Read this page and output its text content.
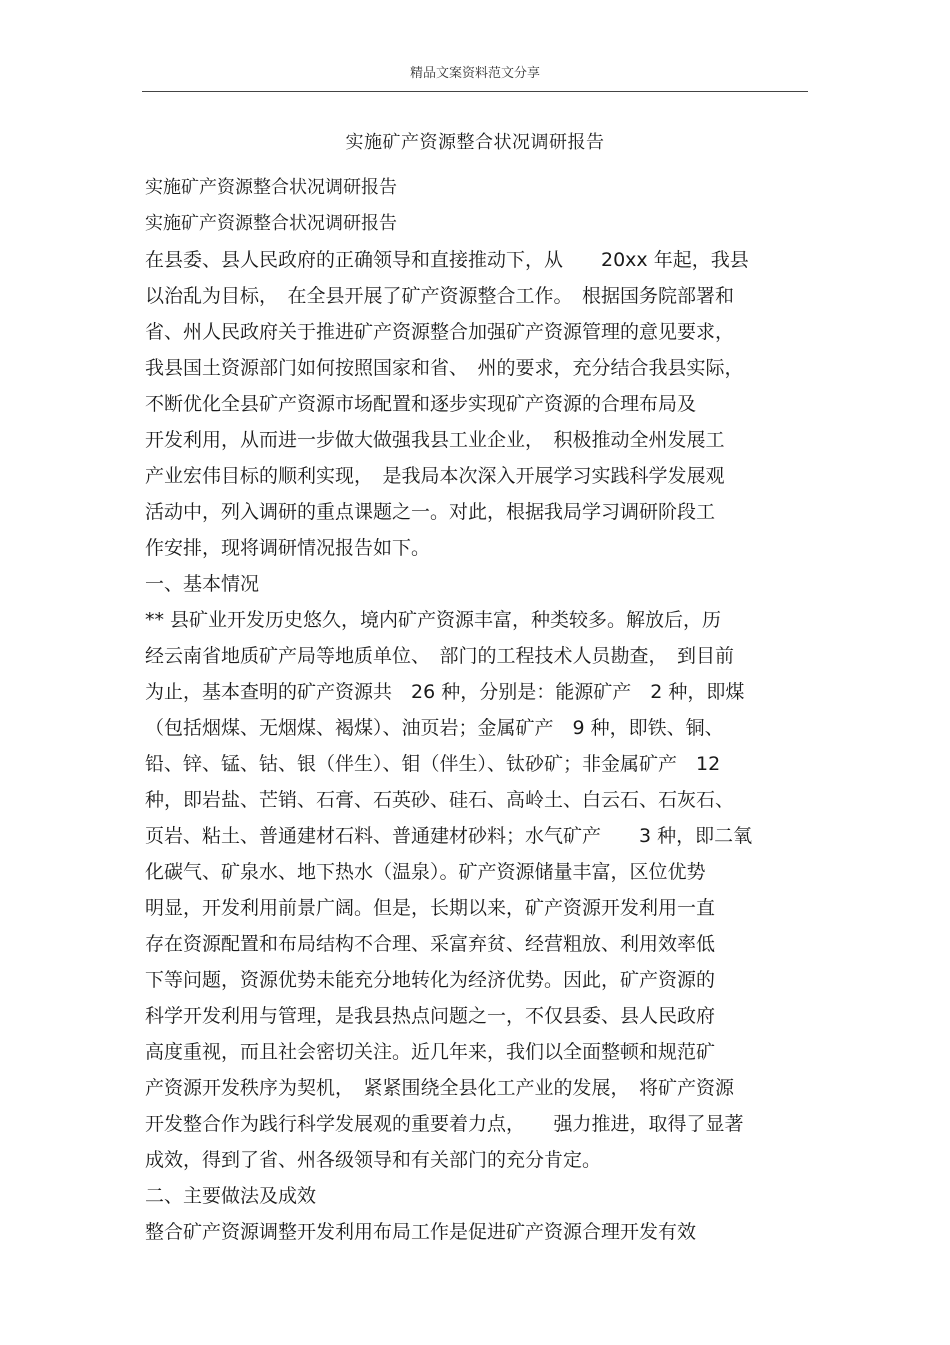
精品文案资料范文分享
实施矿产资源整合状况调研报告
实施矿产资源整合状况调研报告
实施矿产资源整合状况调研报告
在县委、县人民政府的正确领导和直接推动下，从　　20xx 年起，我县
以治乱为目标，　在全县开展了矿产资源整合工作。　根据国务院部署和
省、州人民政府关于推进矿产资源整合加强矿产资源管理的意见要求，
我县国土资源部门如何按照国家和省、　州的要求，充分结合我县实际，
不断优化全县矿产资源市场配置和逐步实现矿产资源的合理布局及
开发利用，从而进一步做大做强我县工业企业，　积极推动全州发展工
产业宏伟目标的顺利实现，　是我局本次深入开展学习实践科学发展观
活动中，列入调研的重点课题之一。对此，根据我局学习调研阶段工
作安排，现将调研情况报告如下。
一、基本情况
** 县矿业开发历史悠久，境内矿产资源丰富，种类较多。解放后，历
经云南省地质矿产局等地质单位、　部门的工程技术人员勘查，　到目前
为止，基本查明的矿产资源共　26 种，分别是：能源矿产　2 种，即煤
（包括烟煤、无烟煤、褐煤）、油页岩；金属矿产　9 种，即铁、铜、
铅、锌、锰、钴、银（伴生）、钼（伴生）、钛砂矿；非金属矿产　12
种，即岩盐、芒销、石膏、石英砂、硅石、高岭土、白云石、石灰石、
页岩、粘土、普通建材石料、普通建材砂料；水气矿产　　3 种，即二氧
化碳气、矿泉水、地下热水（温泉）。矿产资源储量丰富，区位优势
明显，开发利用前景广阔。但是，长期以来，矿产资源开发利用一直
存在资源配置和布局结构不合理、采富弃贫、经营粗放、利用效率低
下等问题，资源优势未能充分地转化为经济优势。因此，矿产资源的
科学开发利用与管理，是我县热点问题之一，不仅县委、县人民政府
高度重视，而且社会密切关注。近几年来，我们以全面整顿和规范矿
产资源开发秩序为契机，　紧紧围绕全县化工产业的发展，　将矿产资源
开发整合作为践行科学发展观的重要着力点，　　强力推进，取得了显著
成效，得到了省、州各级领导和有关部门的充分肯定。
二、主要做法及成效
整合矿产资源调整开发利用布局工作是促进矿产资源合理开发有效
